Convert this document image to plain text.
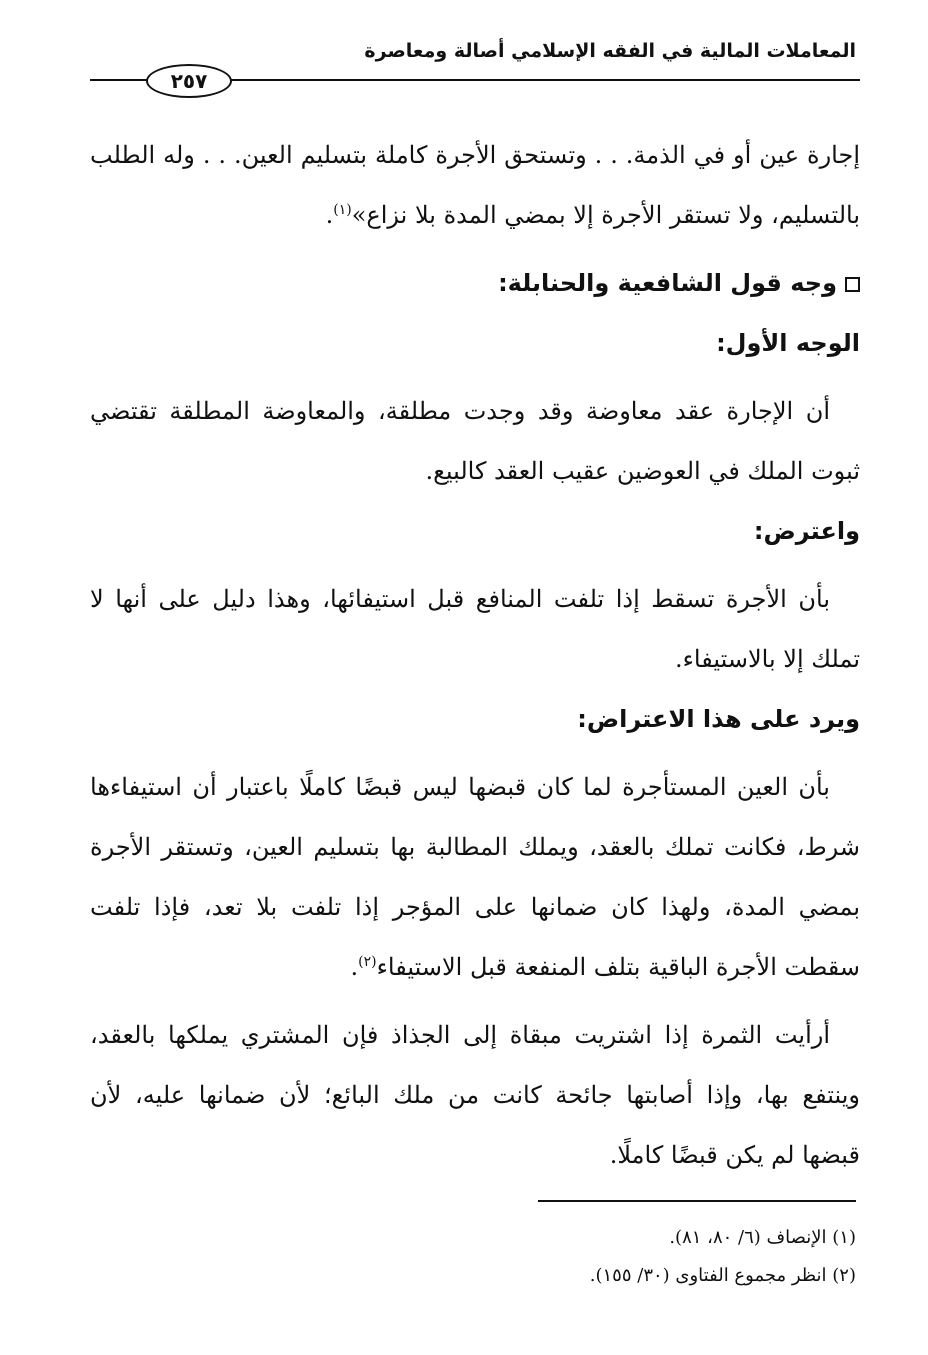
المعاملات المالية في الفقه الإسلامي أصالة ومعاصرة
٢٥٧
إجارة عين أو في الذمة. . . وتستحق الأجرة كاملة بتسليم العين. . . وله الطلب
بالتسليم، ولا تستقر الأجرة إلا بمضي المدة بلا نزاع»$^{(١)}$.
وجه قول الشافعية والحنابلة:
الوجه الأول:
أن الإجارة عقد معاوضة وقد وجدت مطلقة، والمعاوضة المطلقة تقتضي
ثبوت الملك في العوضين عقيب العقد كالبيع.
واعترض:
بأن الأجرة تسقط إذا تلفت المنافع قبل استيفائها، وهذا دليل على أنها لا
تملك إلا بالاستيفاء.
ويرد على هذا الاعتراض:
بأن العين المستأجرة لما كان قبضها ليس قبضًا كاملًا باعتبار أن استيفاءها
شرط، فكانت تملك بالعقد، ويملك المطالبة بها بتسليم العين، وتستقر الأجرة
بمضي المدة، ولهذا كان ضمانها على المؤجر إذا تلفت بلا تعد، فإذا تلفت
سقطت الأجرة الباقية بتلف المنفعة قبل الاستيفاء$^{(٢)}$.
أرأيت الثمرة إذا اشتريت مبقاة إلى الجذاذ فإن المشتري يملكها بالعقد،
وينتفع بها، وإذا أصابتها جائحة كانت من ملك البائع؛ لأن ضمانها عليه، لأن
قبضها لم يكن قبضًا كاملًا.

(١) الإنصاف (٦/ ٨٠، ٨١).

(٢) انظر مجموع الفتاوى (٣٠/ ١٥٥).
